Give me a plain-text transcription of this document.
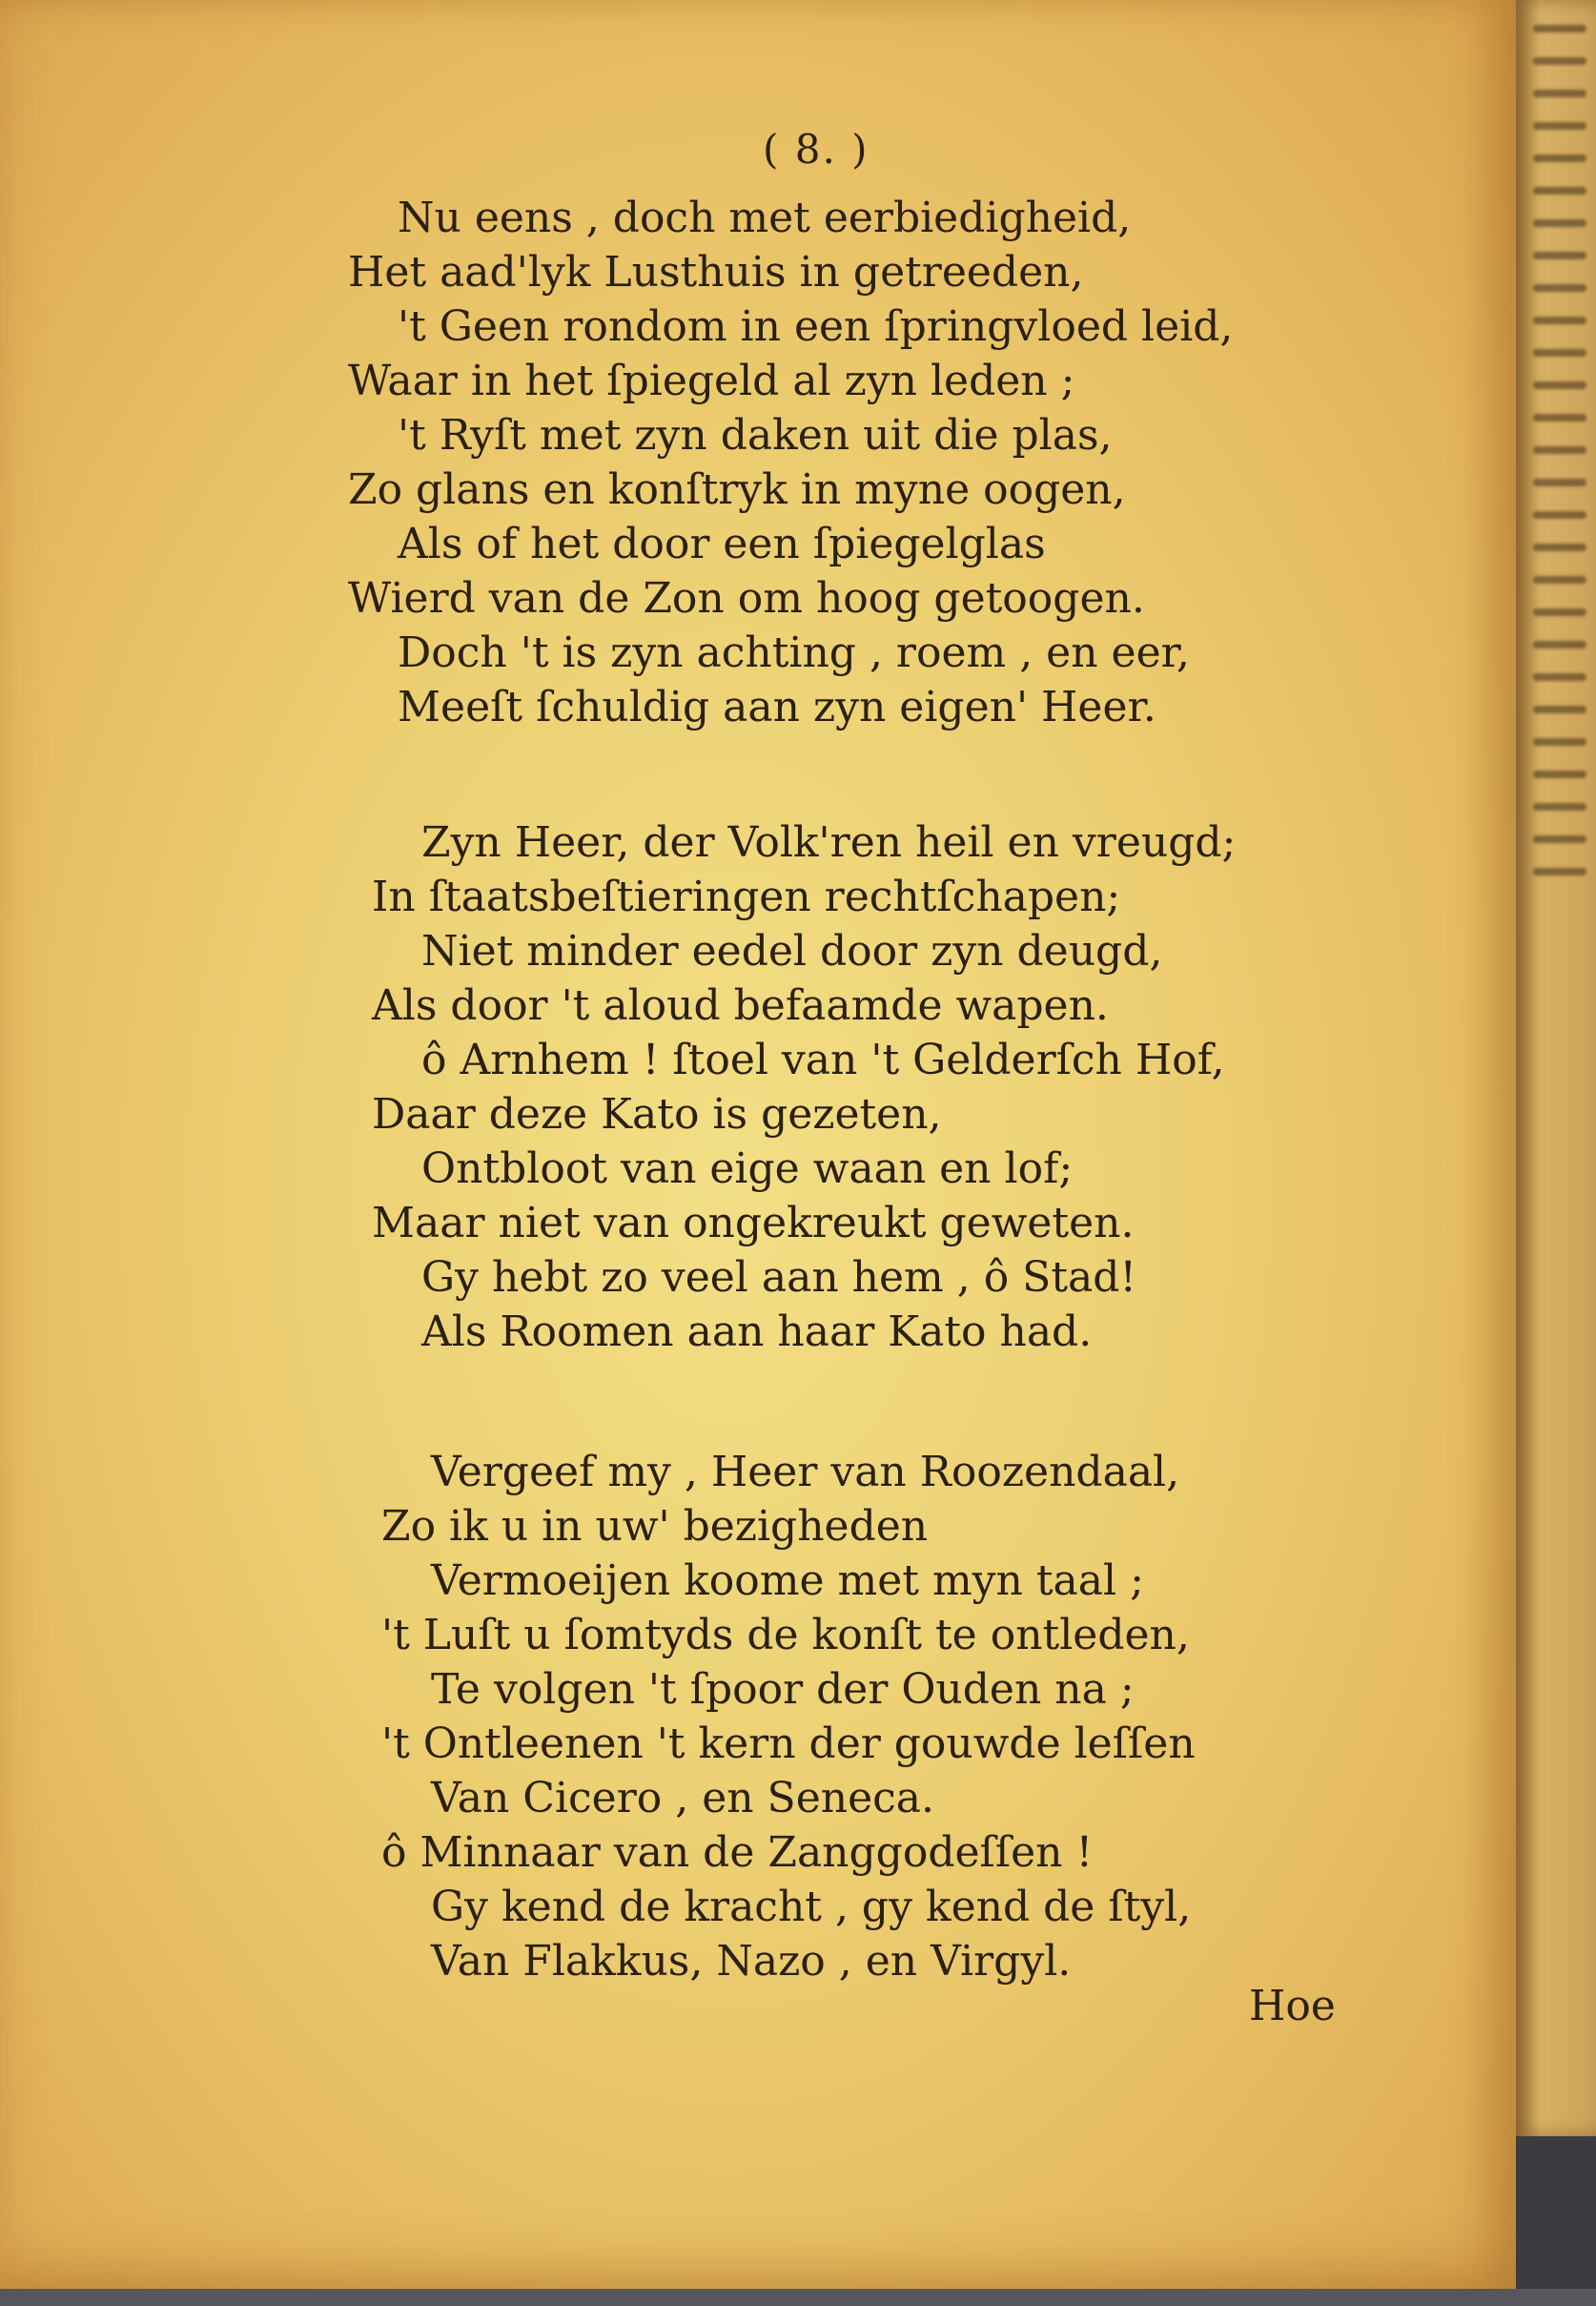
( 8. )
Nu eens , doch met eerbiedigheid,
Het aad'lyk Lusthuis in getreeden,
't Geen rondom in een ſpringvloed leid,
Waar in het ſpiegeld al zyn leden ;
't Ryſt met zyn daken uit die plas,
Zo glans en konſtryk in myne oogen,
Als of het door een ſpiegelglas
Wierd van de Zon om hoog getoogen.
Doch 't is zyn achting , roem , en eer,
Meeſt ſchuldig aan zyn eigen' Heer.
Zyn Heer, der Volk'ren heil en vreugd;
In ſtaatsbeſtieringen rechtſchapen;
Niet minder eedel door zyn deugd,
Als door 't aloud befaamde wapen.
ô Arnhem ! ſtoel van 't Gelderſch Hof,
Daar deze Kato is gezeten,
Ontbloot van eige waan en lof;
Maar niet van ongekreukt geweten.
Gy hebt zo veel aan hem , ô Stad!
Als Roomen aan haar Kato had.
Vergeef my , Heer van Roozendaal,
Zo ik u in uw' bezigheden
Vermoeijen koome met myn taal ;
't Luſt u ſomtyds de konſt te ontleden,
Te volgen 't ſpoor der Ouden na ;
't Ontleenen 't kern der gouwde leſſen
Van Cicero , en Seneca.
ô Minnaar van de Zanggodeſſen !
Gy kend de kracht , gy kend de ſtyl,
Van Flakkus, Nazo , en Virgyl.
Hoe
